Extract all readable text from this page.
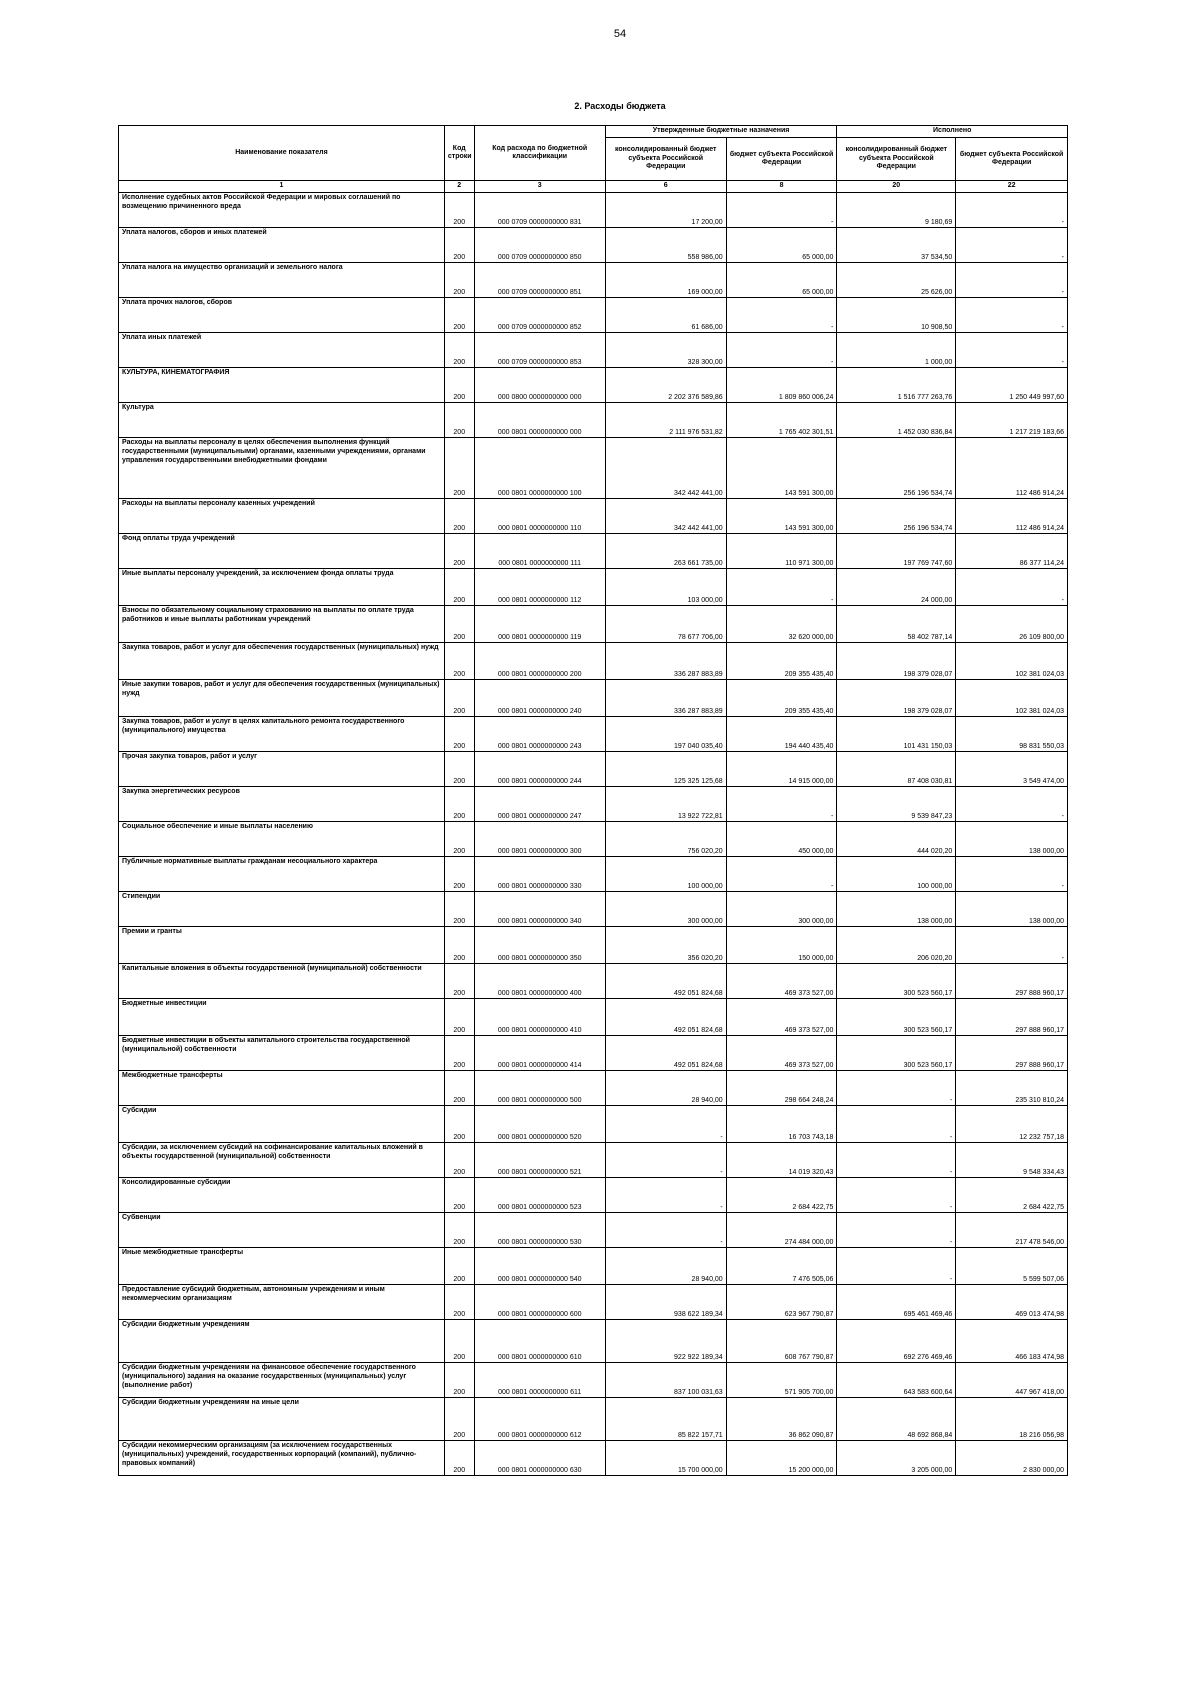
54
2. Расходы бюджета
Наименование показателя	Код строки	Код расхода по бюджетной классификации	Утвержденные бюджетные назначения		Исполнено	
			консолидированный бюджет субъекта Российской Федерации	бюджет субъекта Российской Федерации	консолидированный бюджет субъекта Российской Федерации	бюджет субъекта Российской Федерации
1	2	3	6	8	20	22
Исполнение судебных актов Российской Федерации и мировых соглашений по возмещению причиненного вреда	200	000 0709 0000000000 831	17 200,00	-	9 180,69	-
Уплата налогов, сборов и иных платежей	200	000 0709 0000000000 850	558 986,00	65 000,00	37 534,50	-
Уплата налога на имущество организаций и земельного налога	200	000 0709 0000000000 851	169 000,00	65 000,00	25 626,00	-
Уплата прочих налогов, сборов	200	000 0709 0000000000 852	61 686,00	-	10 908,50	-
Уплата иных платежей	200	000 0709 0000000000 853	328 300,00	-	1 000,00	-
КУЛЬТУРА, КИНЕМАТОГРАФИЯ	200	000 0800 0000000000 000	2 202 376 589,86	1 809 860 006,24	1 516 777 263,76	1 250 449 997,60
Культура	200	000 0801 0000000000 000	2 111 976 531,82	1 765 402 301,51	1 452 030 836,84	1 217 219 183,66
Расходы на выплаты персоналу в целях обеспечения выполнения функций государственными (муниципальными) органами, казенными учреждениями, органами управления государственными внебюджетными фондами	200	000 0801 0000000000 100	342 442 441,00	143 591 300,00	256 196 534,74	112 486 914,24
Расходы на выплаты персоналу казенных учреждений	200	000 0801 0000000000 110	342 442 441,00	143 591 300,00	256 196 534,74	112 486 914,24
Фонд оплаты труда учреждений	200	000 0801 0000000000 111	263 661 735,00	110 971 300,00	197 769 747,60	86 377 114,24
Иные выплаты персоналу учреждений, за исключением фонда оплаты труда	200	000 0801 0000000000 112	103 000,00	-	24 000,00	-
Взносы по обязательному социальному страхованию на выплаты по оплате труда работников и иные выплаты работникам учреждений	200	000 0801 0000000000 119	78 677 706,00	32 620 000,00	58 402 787,14	26 109 800,00
Закупка товаров, работ и услуг для обеспечения государственных (муниципальных) нужд	200	000 0801 0000000000 200	336 287 883,89	209 355 435,40	198 379 028,07	102 381 024,03
Иные закупки товаров, работ и услуг для обеспечения государственных (муниципальных) нужд	200	000 0801 0000000000 240	336 287 883,89	209 355 435,40	198 379 028,07	102 381 024,03
Закупка товаров, работ и услуг в целях капитального ремонта государственного (муниципального) имущества	200	000 0801 0000000000 243	197 040 035,40	194 440 435,40	101 431 150,03	98 831 550,03
Прочая закупка товаров, работ и услуг	200	000 0801 0000000000 244	125 325 125,68	14 915 000,00	87 408 030,81	3 549 474,00
Закупка энергетических ресурсов	200	000 0801 0000000000 247	13 922 722,81	-	9 539 847,23	-
Социальное обеспечение и иные выплаты населению	200	000 0801 0000000000 300	756 020,20	450 000,00	444 020,20	138 000,00
Публичные нормативные выплаты гражданам несоциального характера	200	000 0801 0000000000 330	100 000,00	-	100 000,00	-
Стипендии	200	000 0801 0000000000 340	300 000,00	300 000,00	138 000,00	138 000,00
Премии и гранты	200	000 0801 0000000000 350	356 020,20	150 000,00	206 020,20	-
Капитальные вложения в объекты государственной (муниципальной) собственности	200	000 0801 0000000000 400	492 051 824,68	469 373 527,00	300 523 560,17	297 888 960,17
Бюджетные инвестиции	200	000 0801 0000000000 410	492 051 824,68	469 373 527,00	300 523 560,17	297 888 960,17
Бюджетные инвестиции в объекты капитального строительства государственной (муниципальной) собственности	200	000 0801 0000000000 414	492 051 824,68	469 373 527,00	300 523 560,17	297 888 960,17
Межбюджетные трансферты	200	000 0801 0000000000 500	28 940,00	298 664 248,24	-	235 310 810,24
Субсидии	200	000 0801 0000000000 520	-	16 703 743,18	-	12 232 757,18
Субсидии, за исключением субсидий на софинансирование капитальных вложений в объекты государственной (муниципальной) собственности	200	000 0801 0000000000 521	-	14 019 320,43	-	9 548 334,43
Консолидированные субсидии	200	000 0801 0000000000 523	-	2 684 422,75	-	2 684 422,75
Субвенции	200	000 0801 0000000000 530	-	274 484 000,00	-	217 478 546,00
Иные межбюджетные трансферты	200	000 0801 0000000000 540	28 940,00	7 476 505,06	-	5 599 507,06
Предоставление субсидий бюджетным, автономным учреждениям и иным некоммерческим организациям	200	000 0801 0000000000 600	938 622 189,34	623 967 790,87	695 461 469,46	469 013 474,98
Субсидии бюджетным учреждениям	200	000 0801 0000000000 610	922 922 189,34	608 767 790,87	692 276 469,46	466 183 474,98
Субсидии бюджетным учреждениям на финансовое обеспечение государственного (муниципального) задания на оказание государственных (муниципальных) услуг (выполнение работ)	200	000 0801 0000000000 611	837 100 031,63	571 905 700,00	643 583 600,64	447 967 418,00
Субсидии бюджетным учреждениям на иные цели	200	000 0801 0000000000 612	85 822 157,71	36 862 090,87	48 692 868,84	18 216 056,98
Субсидии некоммерческим организациям (за исключением государственных (муниципальных) учреждений, государственных корпораций (компаний), публично-правовых компаний)	200	000 0801 0000000000 630	15 700 000,00	15 200 000,00	3 205 000,00	2 830 000,00
